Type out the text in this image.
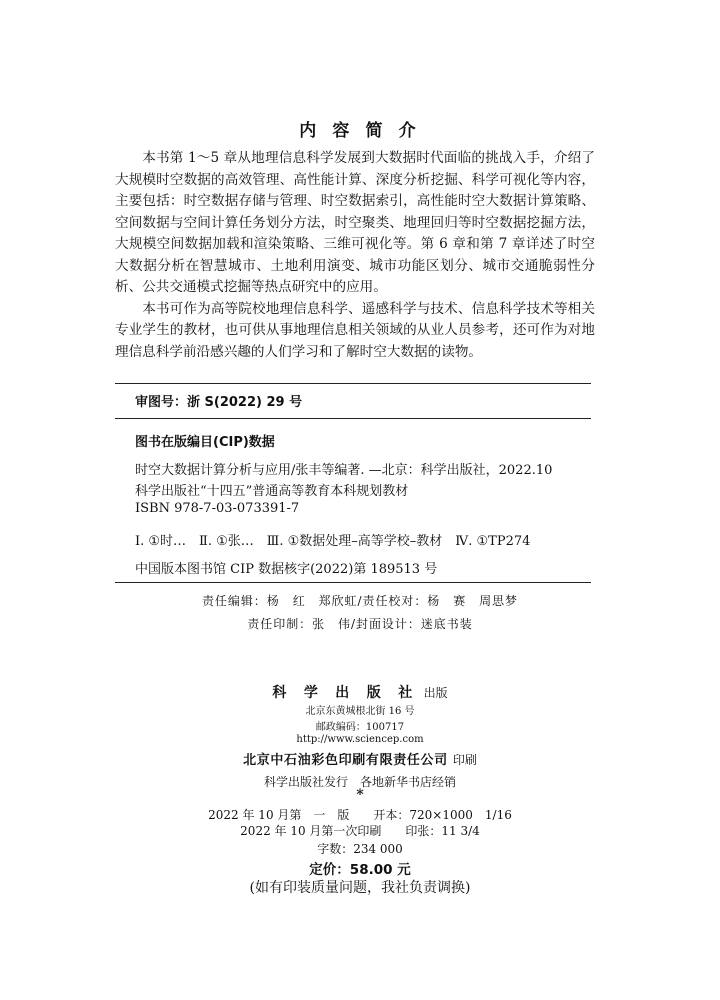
内 容 简 介

本书第 1～5 章从地理信息科学发展到大数据时代面临的挑战入手，介绍了大规模时空数据的高效管理、高性能计算、深度分析挖掘、科学可视化等内容，主要包括：时空数据存储与管理、时空数据索引，高性能时空大数据计算策略、空间数据与空间计算任务划分方法，时空聚类、地理回归等时空数据挖掘方法，大规模空间数据加载和渲染策略、三维可视化等。第 6 章和第 7 章详述了时空大数据分析在智慧城市、土地利用演变、城市功能区划分、城市交通脆弱性分析、公共交通模式挖掘等热点研究中的应用。

本书可作为高等院校地理信息科学、遥感科学与技术、信息科学技术等相关专业学生的教材，也可供从事地理信息相关领域的从业人员参考，还可作为对地理信息科学前沿感兴趣的人们学习和了解时空大数据的读物。

审图号：浙 S(2022) 29 号
图书在版编目(CIP)数据
时空大数据计算分析与应用/张丰等编著. —北京：科学出版社，2022.10
科学出版社“十四五”普通高等教育本科规划教材
ISBN 978-7-03-073391-7
Ⅰ. ①时…　Ⅱ. ①张…　Ⅲ. ①数据处理–高等学校–教材　Ⅳ. ①TP274
中国版本图书馆 CIP 数据核字(2022)第 189513 号
责任编辑：杨　红　郑欣虹/责任校对：杨　赛　周思梦
责任印制：张　伟/封面设计：迷底书装
科 学 出 版 社 出版
北京东黄城根北街 16 号
邮政编码：100717
http://www.sciencep.com
北京中石油彩色印刷有限责任公司 印刷
科学出版社发行　各地新华书店经销
*
2022 年 10 月第　一　版　　开本：720×1000　1/16
2022 年 10 月第一次印刷　　印张：11 3/4
字数：234 000
定价：58.00 元
(如有印装质量问题，我社负责调换)
